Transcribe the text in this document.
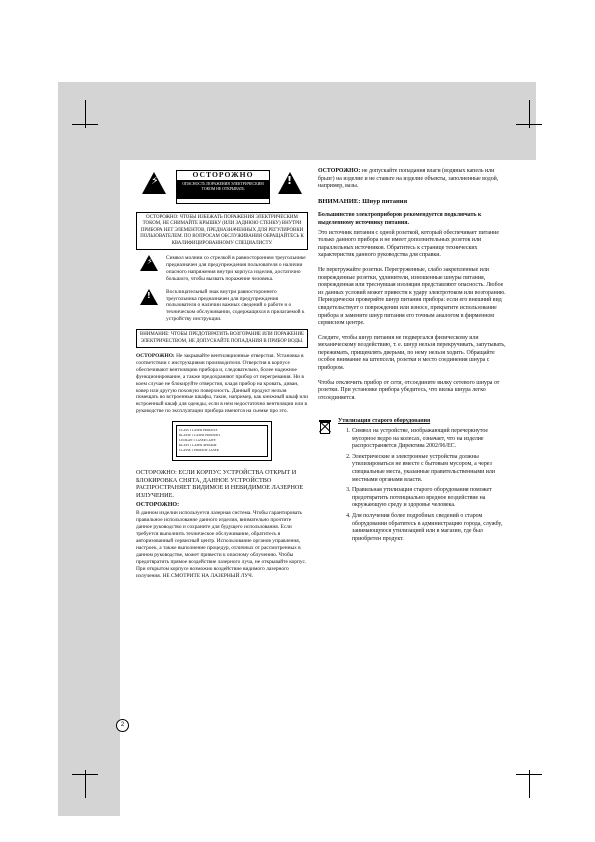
⚡	ОСТОРОЖНО
ОПАСНОСТЬ ПОРАЖЕНИЯ ЭЛЕКТРИЧЕСКИМ ТОКОМ НЕ ОТКРЫВАТЬ
!
ОСТОРОЖНО: ЧТОБЫ ИЗБЕЖАТЬ ПОРАЖЕНИЯ ЭЛЕКТРИЧЕСКИМ ТОКОМ, НЕ СНИМАЙТЕ КРЫШКУ (ИЛИ ЗАДНЮЮ СТЕНКУ) ВНУТРИ ПРИБОРА НЕТ ЭЛЕМЕНТОВ, ПРЕДНАЗНАЧЕННЫХ ДЛЯ РЕГУЛИРОВКИ ПОЛЬЗОВАТЕЛЕМ. ПО ВОПРОСАМ ОБСЛУЖИВАНИЯ ОБРАЩАЙТЕСЬ К КВАЛИФИЦИРОВАННОМУ СПЕЦИАЛИСТУ.
⚡ Символ молнии со стрелкой в равностороннем треугольнике предназначен для предупреждения пользователя о наличии опасного напряжения внутри корпуса изделия, достаточно большого, чтобы вызвать поражение человека.
!	Восклицательный знак внутри равностороннего треугольника предназначен для предупреждения пользователя о наличии важных сведений о работе и о техническом обслуживании, содержащихся в прилагаемой к устройству инструкции.
ВНИМАНИЕ: ЧТОБЫ ПРЕДОТВРАТИТЬ ВОЗГОРАНИЕ ИЛИ ПОРАЖЕНИЕ ЭЛЕКТРИЧЕСТВОМ, НЕ ДОПУСКАЙТЕ ПОПАДАНИЯ В ПРИБОР ВОДЫ.

ОСТОРОЖНО: Не закрывайте вентиляционные отверстия. Установка в соответствии с инструкциями производителя. Отверстия в корпусе обеспечивают вентиляцию прибора и, следовательно, более надежное функционирование, а также предохраняют прибор от перегревания. Ни в коем случае не блокируйте отверстия, кладя прибор на кровать, диван, ковер или другую похожую поверхность. Данный продукт нельзя помещать во встроенные шкафы, такие, например, как книжный шкаф или встроенный шкаф для одежды, если в нем недостаточно вентиляции или в руководстве по эксплуатации прибора имеются на сьемке про это.

CLASS 1 LASER PRODUCT
KLASSE 1 LASER PRODUKT
LUOKAN 1 LASER LAITE
KLASS 1 LASER APPARAT
CLASSE 1 PRODUIT LASER

ОСТОРОЖНО: ЕСЛИ КОРПУС УСТРОЙСТВА ОТКРЫТ И БЛОКИРОВКА СНЯТА, ДАННОЕ УСТРОЙСТВО РАСПРОСТРАНЯЕТ ВИДИМОЕ И НЕВИДИМОЕ ЛАЗЕРНОЕ ИЗЛУЧЕНИЕ.

ОСТОРОЖНО:

В данном изделии используется лазерная система. Чтобы гарантировать правильное использование данного изделия, внимательно прочтите данное руководство и сохраните для будущего использования. Если требуется выполнить техническое обслуживание, обратитесь в авторизованный сервисный центр. Использование органов управления, настроек, а также выполнение процедур, отличных от рассмотренных в данном руководстве, может привести к опасному облучению. Чтобы предотвратить прямое воздействие лазерного луча, не открывайте корпус. При открытом корпусе возможно воздействие видимого лазерного излучения. НЕ СМОТРИТЕ НА ЛАЗЕРНЫЙ ЛУЧ.

2

ОСТОРОЖНО: не допускайте попадания влаги (водяных капель или брызг) на изделие и не ставьте на изделие объекты, заполненные водой, например, вазы.

ВНИМАНИЕ: Шнур питания

Большинство электроприборов рекомендуется подключать к выделенному источнику питания.

Это источник питания с одной розеткой, который обеспечивает питание только данного прибора и не имеет дополнительных розеток или параллельных источников. Обратитесь к странице технических характеристик данного руководства для справки.

Не перегружайте розетки. Перегруженные, слабо закрепленные или поврежденные розетки, удлинители, изношенные шнуры питания, поврежденная или треснувшая изоляция представляют опасность. Любое из данных условий может привести к удару электротоком или возгоранию. Периодически проверяйте шнур питания прибора: если его внешний вид свидетельствует о повреждении или износе, прекратите использование прибора и замените шнур питания его точным аналогом в фирменном сервисном центре.

Следите, чтобы шнур питания не подвергался физическому или механическому воздействию, т. е. шнур нельзя перекручивать, запутывать, пережимать, прищемлять дверьми, по нему нельзя ходить. Обращайте особое внимание на штепсели, розетки и место соединения шнура с прибором.

Чтобы отключить прибор от сети, отсоедините вилку сетевого шнура от розетки. При установке прибора убедитесь, что вилка шнура легко отсоединяется.

Утилизация старого оборудования

1. Символ на устройстве, изображающий перечеркнутое мусорное ведро на колесах, означает, что на изделие распространяется Директива 2002/96/EC.
2. Электрические и электронные устройства должны утилизироваться не вместе с бытовым мусором, а через специальные места, указанные правительственными или местными органами власти.
3. Правильная утилизация старого оборудования поможет предотвратить потенциально вредное воздействие на окружающую среду и здоровье человека.
4. Для получения более подробных сведений о старом оборудовании обратитесь в администрацию города, службу, занимающуюся утилизацией или в магазин, где был приобретен продукт.
